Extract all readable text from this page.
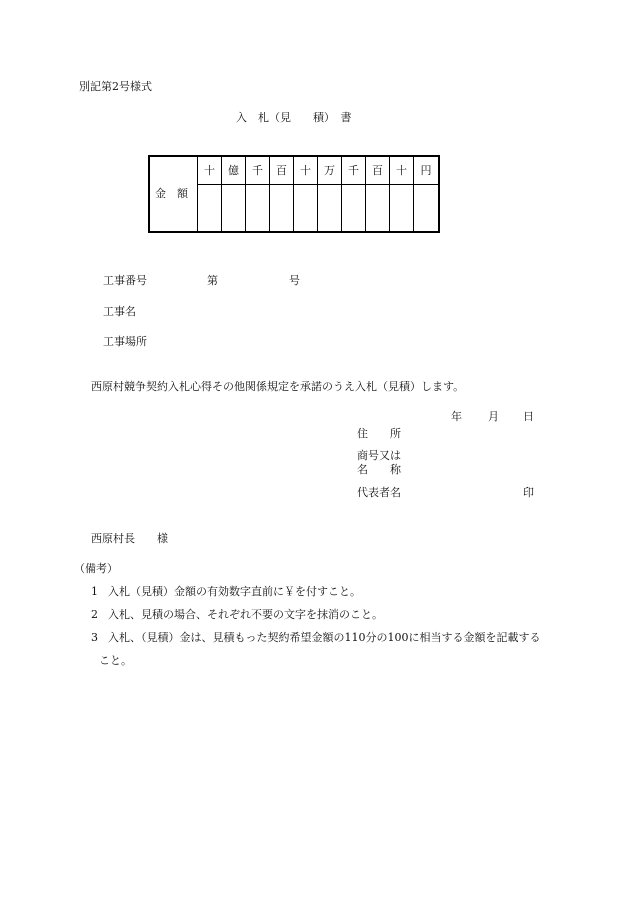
別記第2号様式
入　札（見　　積）　書
金　額
十	億	千	百	十	万	千	百	十	円
工事番号	第	号
工事名
工事場所
西原村競争契約入札心得その他関係規定を承諾のうえ入札（見積）します。
年 月 日
住　　所
商号又は
名　　称
代表者名	印
西原村長　　様
（備考）
1 入札（見積）金額の有効数字直前に￥を付すこと。
2 入札、見積の場合、それぞれ不要の文字を抹消のこと。
3 入札、（見積）金は、見積もった契約希望金額の110分の100に相当する金額を記載する
こと。
